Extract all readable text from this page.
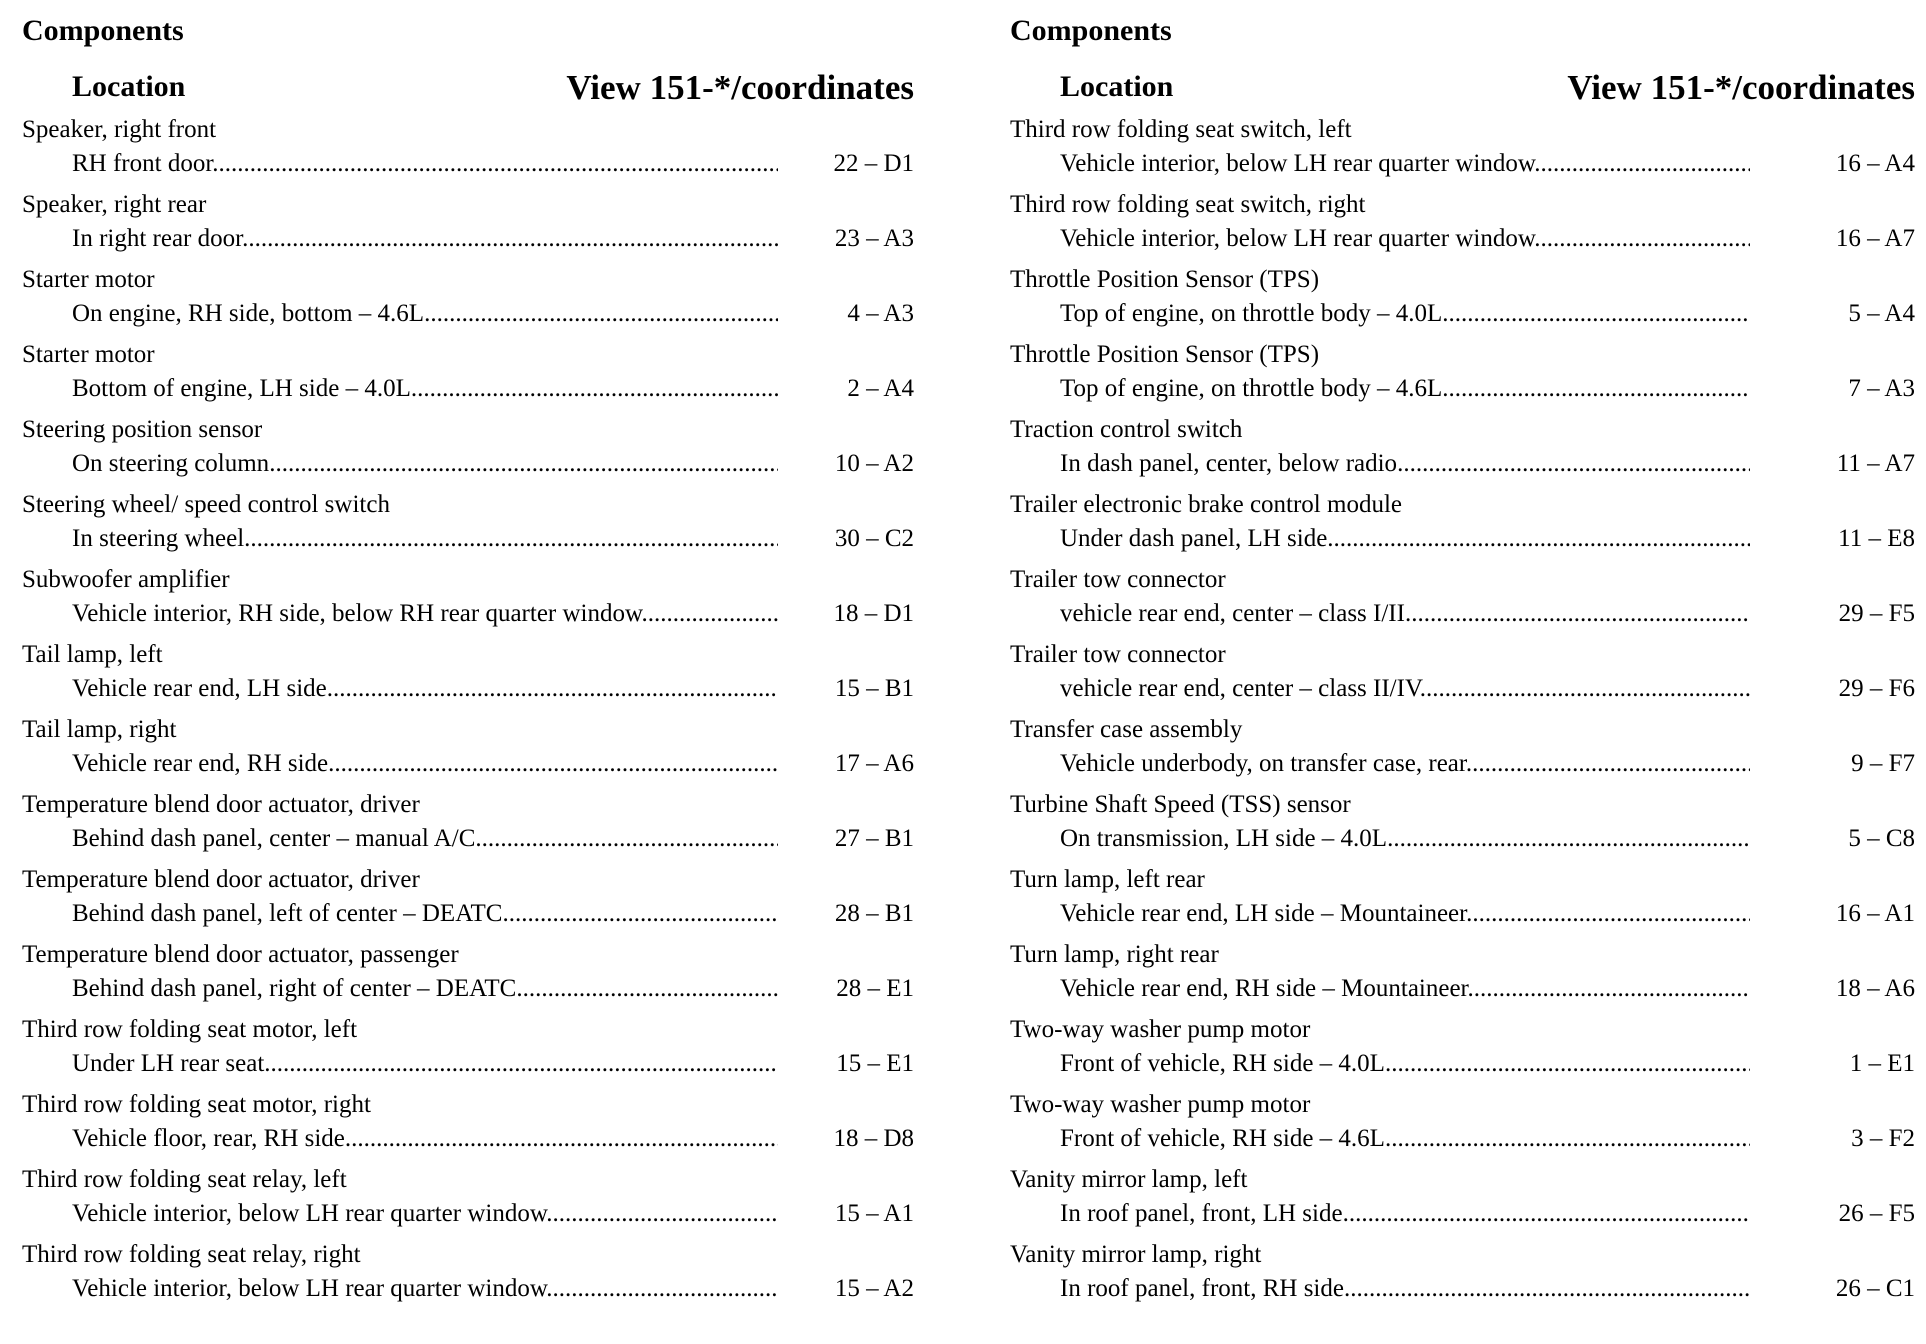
Components
Location	View 151-*/coordinates
Speaker, right front
RH front door .....	22 – D1
Speaker, right rear
In right rear door .....	23 – A3
Starter motor
On engine, RH side, bottom – 4.6L .....	4 – A3
Starter motor
Bottom of engine, LH side – 4.0L .....	2 – A4
Steering position sensor
On steering column .....	10 – A2
Steering wheel/ speed control switch
In steering wheel .....	30 – C2
Subwoofer amplifier
Vehicle interior, RH side, below RH rear quarter window .....	18 – D1
Tail lamp, left
Vehicle rear end, LH side .....	15 – B1
Tail lamp, right
Vehicle rear end, RH side .....	17 – A6
Temperature blend door actuator, driver
Behind dash panel, center – manual A/C .....	27 – B1
Temperature blend door actuator, driver
Behind dash panel, left of center – DEATC .....	28 – B1
Temperature blend door actuator, passenger
Behind dash panel, right of center – DEATC .....	28 – E1
Third row folding seat motor, left
Under LH rear seat .....	15 – E1
Third row folding seat motor, right
Vehicle floor, rear, RH side .....	18 – D8
Third row folding seat relay, left
Vehicle interior, below LH rear quarter window .....	15 – A1
Third row folding seat relay, right
Vehicle interior, below LH rear quarter window .....	15 – A2
Components
Location	View 151-*/coordinates
Third row folding seat switch, left
Vehicle interior, below LH rear quarter window .....	16 – A4
Third row folding seat switch, right
Vehicle interior, below LH rear quarter window .....	16 – A7
Throttle Position Sensor (TPS)
Top of engine, on throttle body – 4.0L .....	5 – A4
Throttle Position Sensor (TPS)
Top of engine, on throttle body – 4.6L .....	7 – A3
Traction control switch
In dash panel, center, below radio .....	11 – A7
Trailer electronic brake control module
Under dash panel, LH side .....	11 – E8
Trailer tow connector
vehicle rear end, center – class I/II .....	29 – F5
Trailer tow connector
vehicle rear end, center – class II/IV .....	29 – F6
Transfer case assembly
Vehicle underbody, on transfer case, rear .....	9 – F7
Turbine Shaft Speed (TSS) sensor
On transmission, LH side – 4.0L .....	5 – C8
Turn lamp, left rear
Vehicle rear end, LH side – Mountaineer .....	16 – A1
Turn lamp, right rear
Vehicle rear end, RH side – Mountaineer .....	18 – A6
Two-way washer pump motor
Front of vehicle, RH side – 4.0L .....	1 – E1
Two-way washer pump motor
Front of vehicle, RH side – 4.6L .....	3 – F2
Vanity mirror lamp, left
In roof panel, front, LH side .....	26 – F5
Vanity mirror lamp, right
In roof panel, front, RH side .....	26 – C1
